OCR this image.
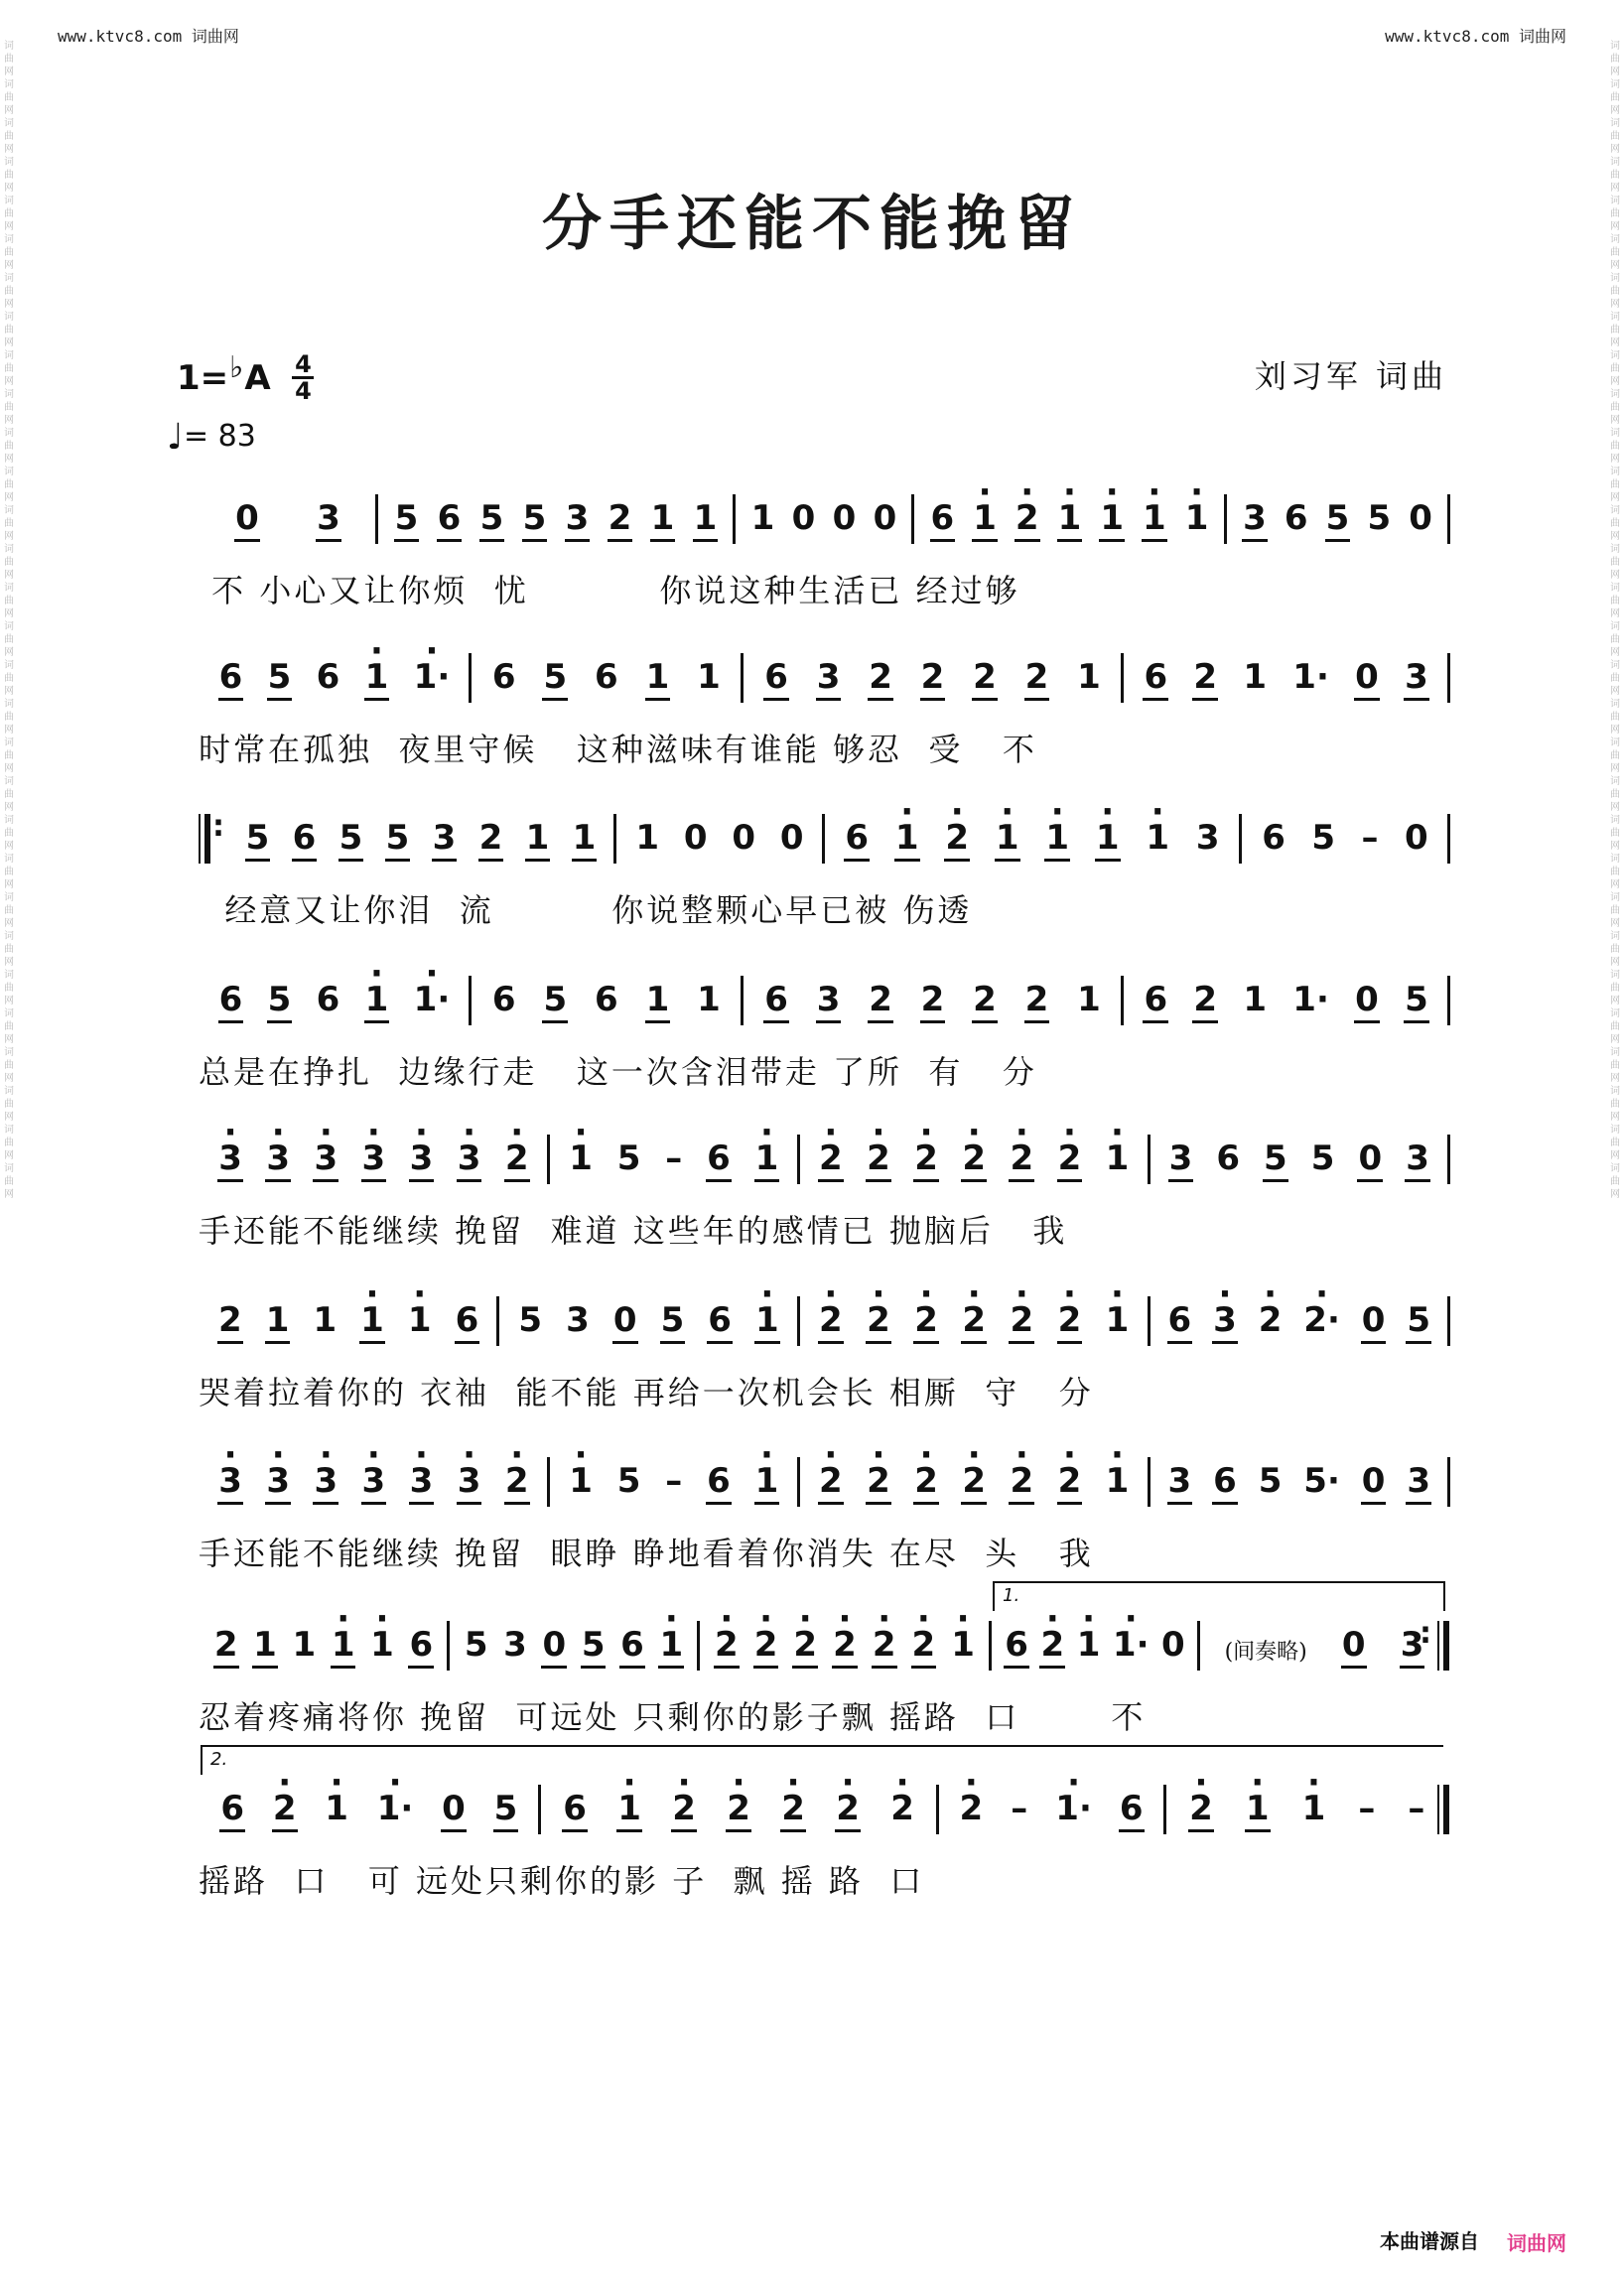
www.ktvc8.com 词曲网	www.ktvc8.com 词曲网
词曲网 词曲网 词曲网 词曲网 词曲网 词曲网 词曲网 词曲网 词曲网 词曲网 词曲网 词曲网 词曲网 词曲网 词曲网 词曲网 词曲网 词曲网 词曲网 词曲网 词曲网 词曲网 词曲网 词曲网 词曲网 词曲网 词曲网 词曲网 词曲网 词曲网
词曲网 词曲网 词曲网 词曲网 词曲网 词曲网 词曲网 词曲网 词曲网 词曲网 词曲网 词曲网 词曲网 词曲网 词曲网 词曲网 词曲网 词曲网 词曲网 词曲网 词曲网 词曲网 词曲网 词曲网 词曲网 词曲网 词曲网 词曲网 词曲网 词曲网
分手还能不能挽留
1=♭A $\frac{4}{4}$
♩= 83
刘习军 词曲
0 3 5 6 5 5 3 2 1 1 1 0 0 0 6 · 1 · 2 · 1 · 1 · 1 · 1 3 6 5 5 0
不 小心又让你烦  忧          你说这种生活已 经过够
6 5 6 · 1 · 1· 6 5 6 1 1 6 3 2 2 2 2 1 6 2 1 1· 0 3
时常在孤独  夜里守候   这种滋味有谁能 够忍  受   不
: 5 6 5 5 3 2 1 1 1 0 0 0 6 · 1 · 2 · 1 · 1 · 1 · 1 3 6 5 – 0
经意又让你泪  流         你说整颗心早已被 伤透
6 5 6 · 1 · 1· 6 5 6 1 1 6 3 2 2 2 2 1 6 2 1 1· 0 5
总是在挣扎  边缘行走   这一次含泪带走 了所  有   分
· 3 · 3 · 3 · 3 · 3 · 3 · 2 · 1 5 – 6 · 1 · 2 · 2 · 2 · 2 · 2 · 2 · 1 3 6 5 5 0 3
手还能不能继续 挽留  难道 这些年的感情已 抛脑后   我
2 1 1 · 1 · 1 6 5 3 0 5 6 · 1 · 2 · 2 · 2 · 2 · 2 · 2 · 1 6 · 3 · 2 · 2· 0 5
哭着拉着你的 衣袖  能不能 再给一次机会长 相厮  守   分
· 3 · 3 · 3 · 3 · 3 · 3 · 2 · 1 5 – 6 · 1 · 2 · 2 · 2 · 2 · 2 · 2 · 1 3 6 5 5· 0 3
手还能不能继续 挽留  眼睁 睁地看着你消失 在尽  头   我
2 1 1 · 1 · 1 6 5 3 0 5 6 · 1 · 2 · 2 · 2 · 2 · 2 · 2 · 1 6 · 2 · 1 · 1· 0
1.
(间奏略) 0 3
:
忍着疼痛将你 挽留  可远处 只剩你的影子飘 摇路  口       不
6 · 2 · 1 · 1· 0 5
2.
6 · 1 · 2 · 2 · 2 · 2 · 2 · 2 – · 1· 6 · 2 · 1 · 1 – –
摇路  口   可 远处只剩你的影 子  飘 摇 路  口
本曲谱源自 词曲网
